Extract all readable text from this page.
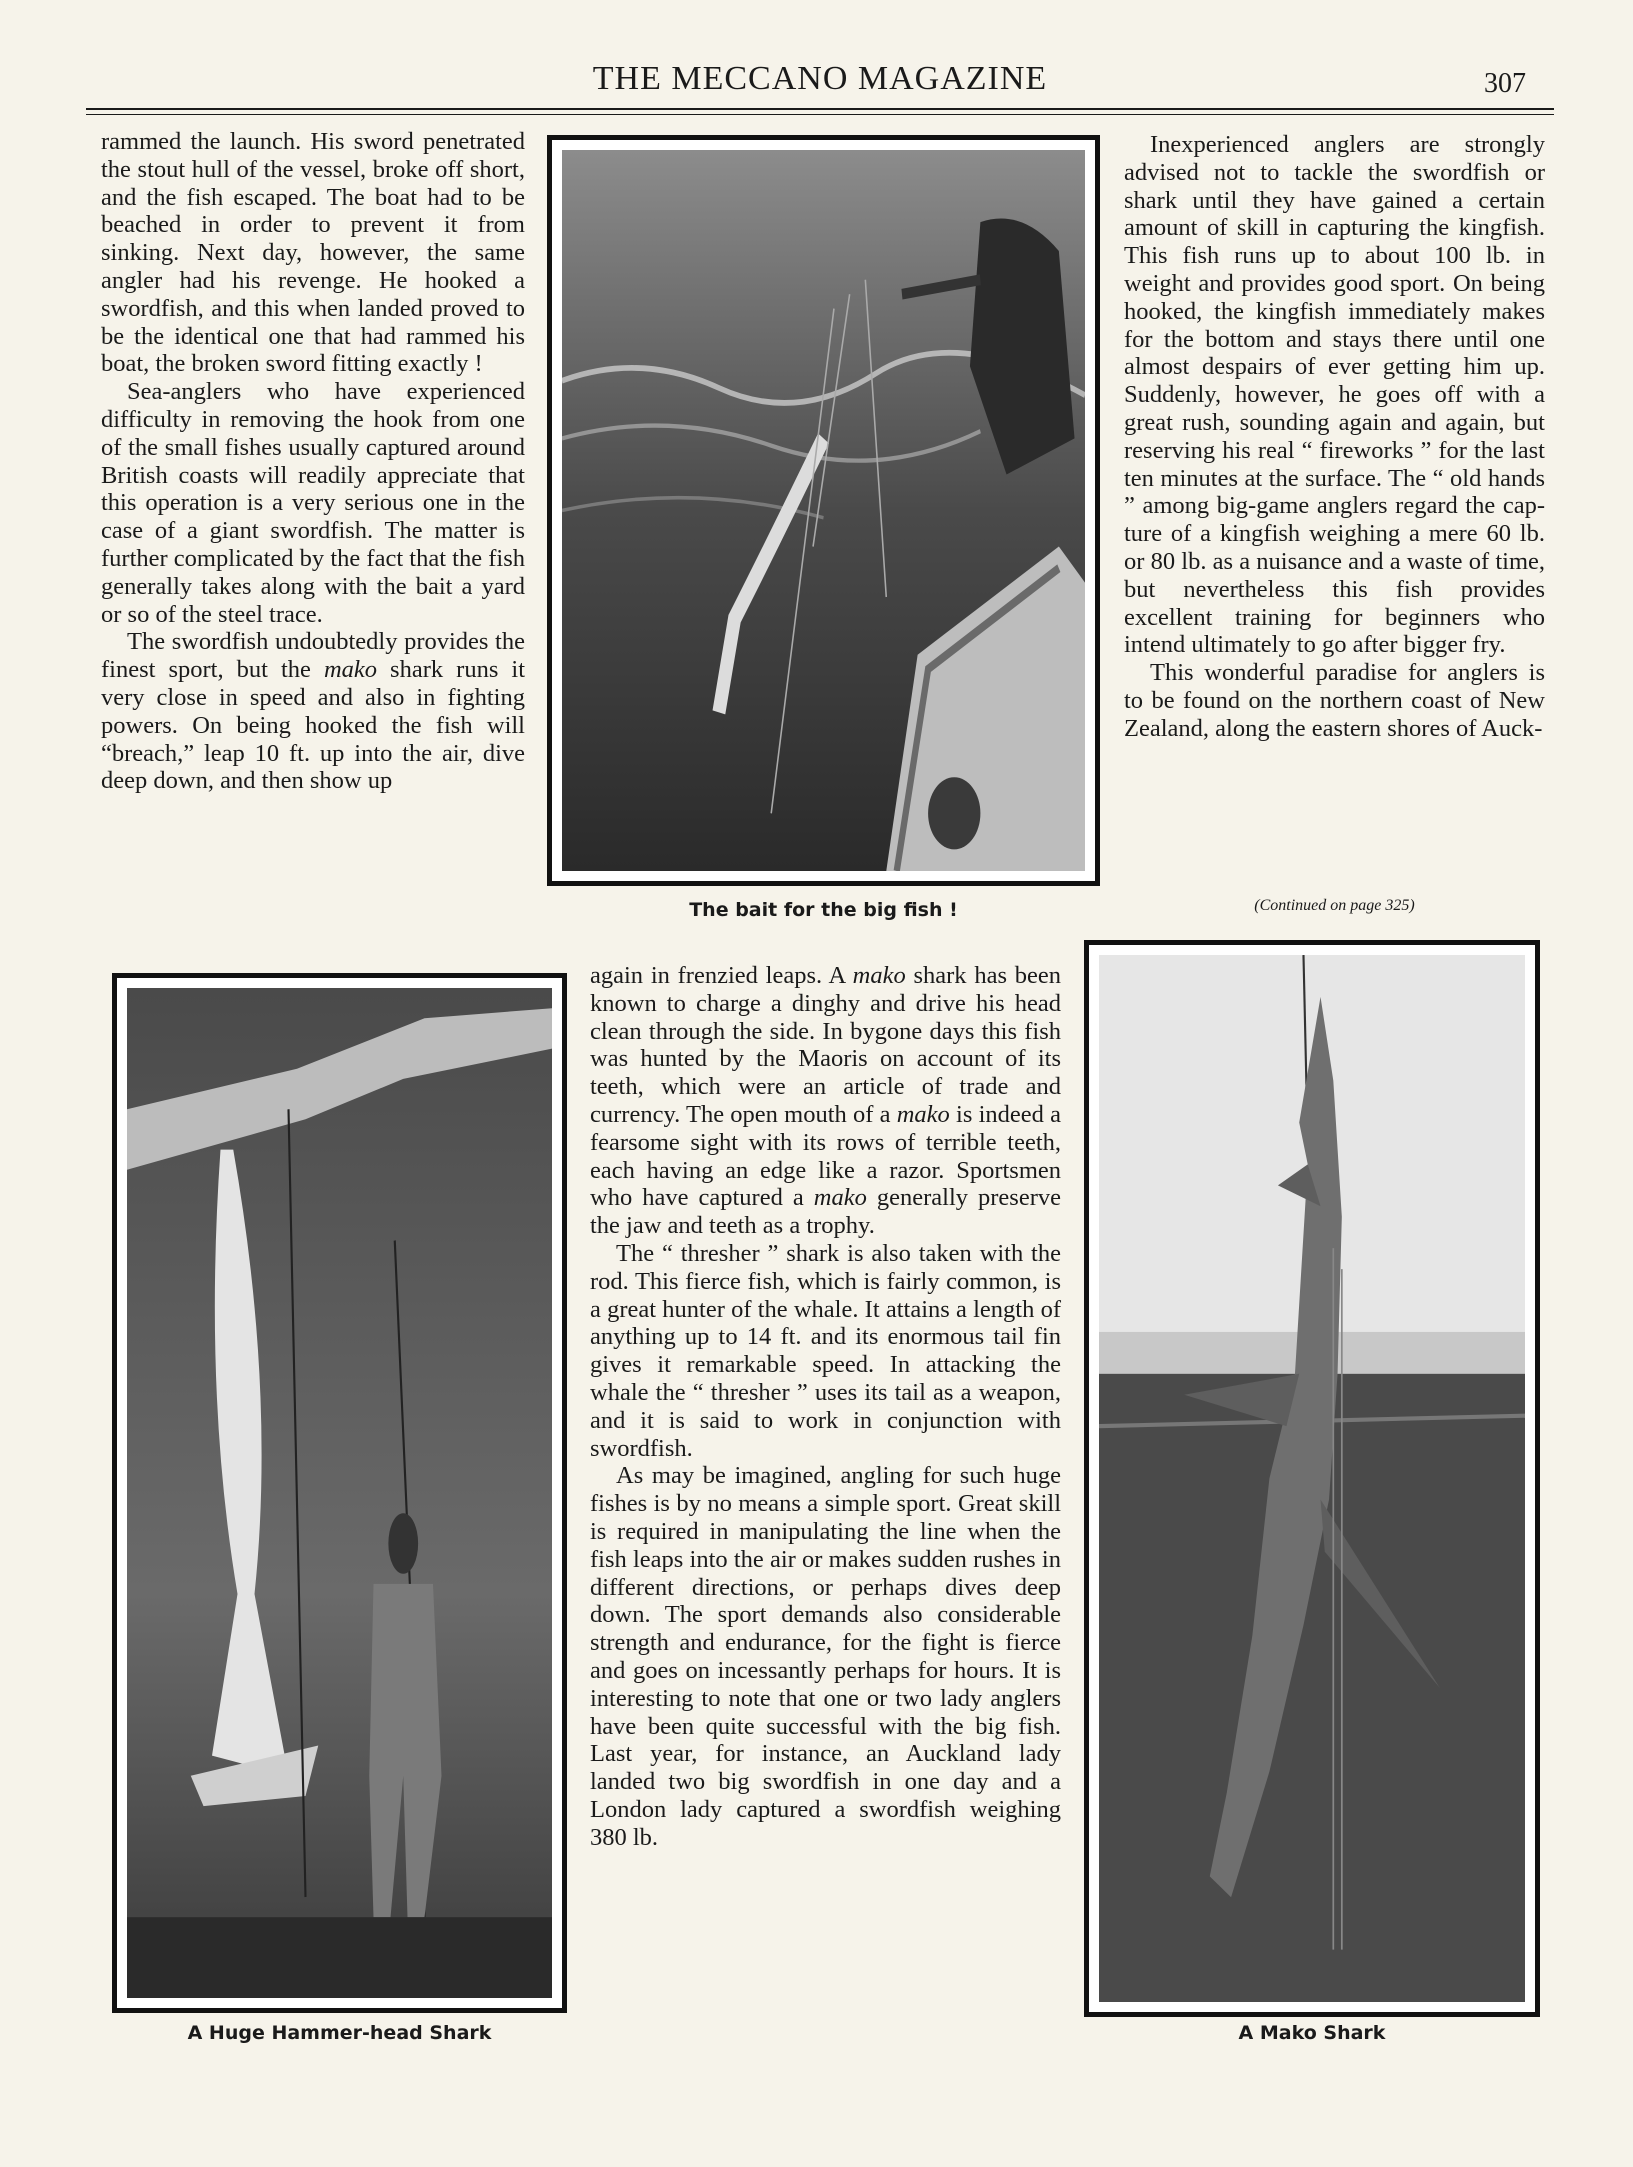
THE MECCANO MAGAZINE	307

rammed the launch. His sword penetrated the stout hull of the vessel, broke off short, and the fish escaped. The boat had to be beached in order to prevent it from sinking. Next day, however, the same angler had his revenge. He hooked a swordfish, and this when landed proved to be the identical one that had rammed his boat, the broken sword fitting exactly !

Sea-anglers who have experienced difficulty in removing the hook from one of the small fishes usually captured around British coasts will readily appreciate that this operation is a very serious one in the case of a giant swordfish. The matter is further complicated by the fact that the fish generally takes along with the bait a yard or so of the steel trace.

The swordfish undoubtedly provides the finest sport, but the mako shark runs it very close in speed and also in fighting powers. On being hooked the fish will “breach,” leap 10 ft. up into the air, dive deep down, and then show up

The bait for the big fish !

Inexperienced anglers are strongly advised not to tackle the swordfish or shark until they have gained a certain amount of skill in capturing the kingfish. This fish runs up to about 100 lb. in weight and provides good sport. On being hooked, the kingfish immediately makes for the bottom and stays there until one almost despairs of ever getting him up. Suddenly, however, he goes off with a great rush, sounding again and again, but reserving his real “ fireworks ” for the last ten minutes at the surface. The “ old hands ” among big-game anglers regard the capture of a kingfish weighing a mere 60 lb. or 80 lb. as a nuisance and a waste of time, but nevertheless this fish provides excellent training for beginners who intend ultimately to go after bigger fry.

This wonderful paradise for anglers is to be found on the northern coast of New Zealand, along the eastern shores of Auck-

(Continued on page 325)
A Huge Hammer-head Shark

again in frenzied leaps. A mako shark has been known to charge a dinghy and drive his head clean through the side. In bygone days this fish was hunted by the Maoris on account of its teeth, which were an article of trade and currency. The open mouth of a mako is indeed a fearsome sight with its rows of terrible teeth, each having an edge like a razor. Sportsmen who have captured a mako generally preserve the jaw and teeth as a trophy.

The “ thresher ” shark is also taken with the rod. This fierce fish, which is fairly common, is a great hunter of the whale. It attains a length of anything up to 14 ft. and its enormous tail fin gives it remarkable speed. In attacking the whale the “ thresher ” uses its tail as a weapon, and it is said to work in conjunction with swordfish.

As may be imagined, angling for such huge fishes is by no means a simple sport. Great skill is required in manipulating the line when the fish leaps into the air or makes sudden rushes in different directions, or perhaps dives deep down. The sport demands also considerable strength and endurance, for the fight is fierce and goes on incessantly perhaps for hours. It is interesting to note that one or two lady anglers have been quite successful with the big fish. Last year, for instance, an Auckland lady landed two big swordfish in one day and a London lady captured a swordfish weighing 380 lb.

A Mako Shark
